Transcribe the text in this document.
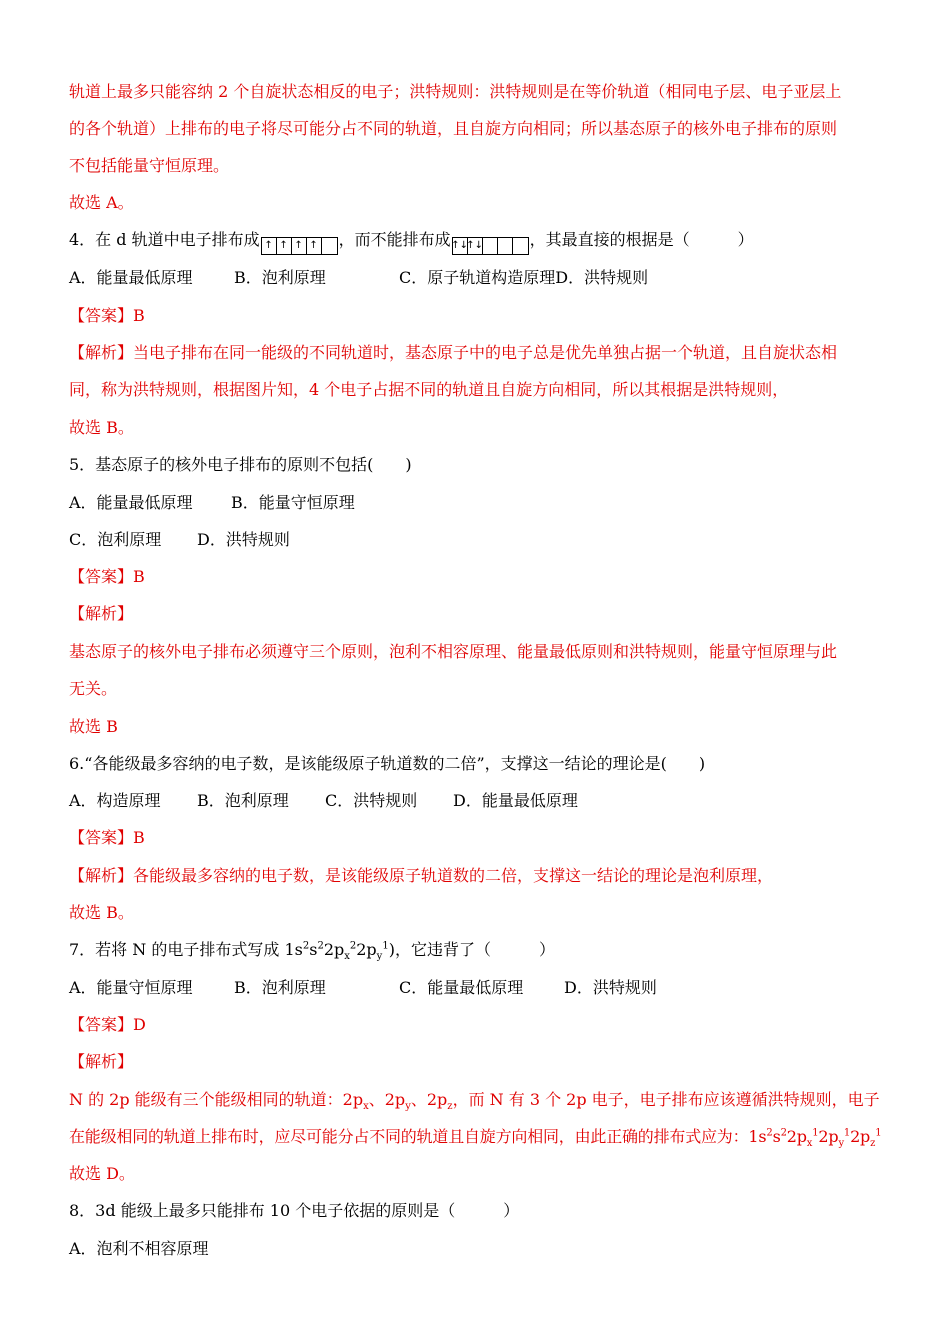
轨道上最多只能容纳 2 个自旋状态相反的电子；洪特规则：洪特规则是在等价轨道（相同电子层、电子亚层上
的各个轨道）上排布的电子将尽可能分占不同的轨道，且自旋方向相同；所以基态原子的核外电子排布的原则
不包括能量守恒原理。
故选 A。
4．在 d 轨道中电子排布成 ↑ ↑ ↑ ↑ ，而不能排布成 ↑↓
↑↓	，其最直接的根据是（　　　）
A．能量最低原理	B．泡利原理	C．原子轨道构造原理D．洪特规则
【答案】B
【解析】当电子排布在同一能级的不同轨道时，基态原子中的电子总是优先单独占据一个轨道，且自旋状态相
同，称为洪特规则，根据图片知，4 个电子占据不同的轨道且自旋方向相同，所以其根据是洪特规则，
故选 B。
5．基态原子的核外电子排布的原则不包括(　　)
A．能量最低原理 B．能量守恒原理
C．泡利原理 D．洪特规则
【答案】B
【解析】
基态原子的核外电子排布必须遵守三个原则，泡利不相容原理、能量最低原则和洪特规则，能量守恒原理与此
无关。
故选 B
6.“各能级最多容纳的电子数，是该能级原子轨道数的二倍”，支撑这一结论的理论是(　　)
A．构造原理 B．泡利原理 C．洪特规则 D．能量最低原理
【答案】B
【解析】各能级最多容纳的电子数，是该能级原子轨道数的二倍，支撑这一结论的理论是泡利原理，
故选 B。
7．若将 N 的电子排布式写成 $1s^2s^22p_x^22p_y^1$)，它违背了（　　　）
A．能量守恒原理	B．泡利原理	C．能量最低原理	D．洪特规则
【答案】D
【解析】
N 的 2p 能级有三个能级相同的轨道：$2p_x$、$2p_y$、$2p_z$，而 N 有 3 个 2p 电子，电子排布应该遵循洪特规则，电子
在能级相同的轨道上排布时，应尽可能分占不同的轨道且自旋方向相同，由此正确的排布式应为：$1s^2s^22p_x^12p_y^12p_z^1$
故选 D。
8．3d 能级上最多只能排布 10 个电子依据的原则是（　　　）
A．泡利不相容原理
